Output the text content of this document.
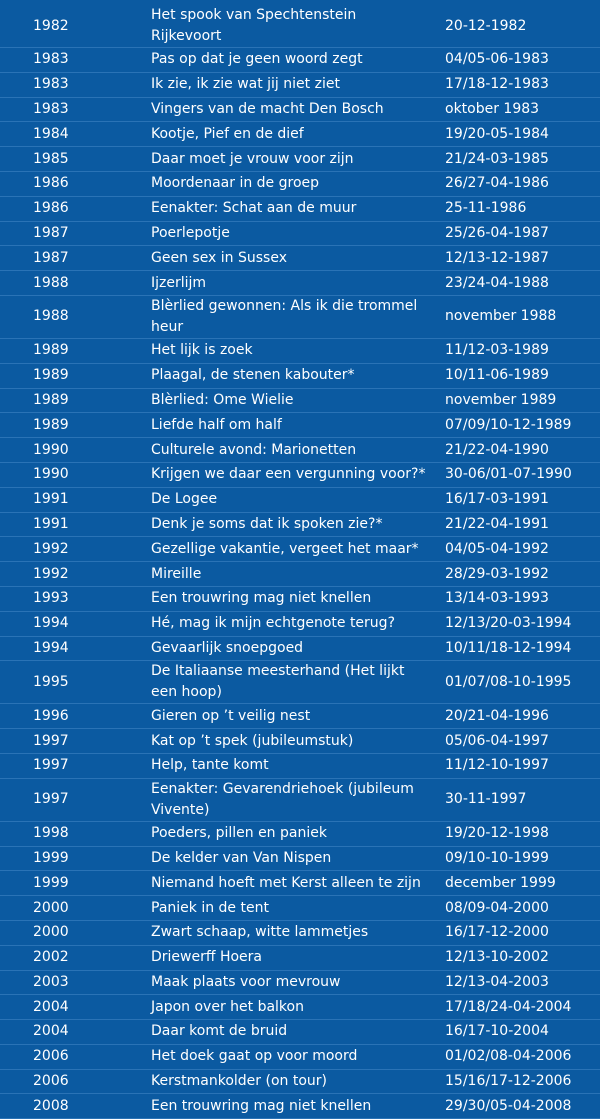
1982	Het spook van Spechtenstein Rijkevoort	20-12-1982
1983	Pas op dat je geen woord zegt	04/05-06-1983
1983	Ik zie, ik zie wat jij niet ziet	17/18-12-1983
1983	Vingers van de macht Den Bosch	oktober 1983
1984	Kootje, Pief en de dief	19/20-05-1984
1985	Daar moet je vrouw voor zijn	21/24-03-1985
1986	Moordenaar in de groep	26/27-04-1986
1986	Eenakter: Schat aan de muur	25-11-1986
1987	Poerlepotje	25/26-04-1987
1987	Geen sex in Sussex	12/13-12-1987
1988	Ijzerlijm	23/24-04-1988
1988	Blèrlied gewonnen: Als ik die trommel heur	november 1988
1989	Het lijk is zoek	11/12-03-1989
1989	Plaagal, de stenen kabouter*	10/11-06-1989
1989	Blèrlied: Ome Wielie	november 1989
1989	Liefde half om half	07/09/10-12-1989
1990	Culturele avond: Marionetten	21/22-04-1990
1990	Krijgen we daar een vergunning voor?*	30-06/01-07-1990
1991	De Logee	16/17-03-1991
1991	Denk je soms dat ik spoken zie?*	21/22-04-1991
1992	Gezellige vakantie, vergeet het maar*	04/05-04-1992
1992	Mireille	28/29-03-1992
1993	Een trouwring mag niet knellen	13/14-03-1993
1994	Hé, mag ik mijn echtgenote terug?	12/13/20-03-1994
1994	Gevaarlijk snoepgoed	10/11/18-12-1994
1995	De Italiaanse meesterhand (Het lijkt een hoop)	01/07/08-10-1995
1996	Gieren op ’t veilig nest	20/21-04-1996
1997	Kat op ’t spek (jubileumstuk)	05/06-04-1997
1997	Help, tante komt	11/12-10-1997
1997	Eenakter: Gevarendriehoek (jubileum Vivente)	30-11-1997
1998	Poeders, pillen en paniek	19/20-12-1998
1999	De kelder van Van Nispen	09/10-10-1999
1999	Niemand hoeft met Kerst alleen te zijn	december 1999
2000	Paniek in de tent	08/09-04-2000
2000	Zwart schaap, witte lammetjes	16/17-12-2000
2002	Driewerff Hoera	12/13-10-2002
2003	Maak plaats voor mevrouw	12/13-04-2003
2004	Japon over het balkon	17/18/24-04-2004
2004	Daar komt de bruid	16/17-10-2004
2006	Het doek gaat op voor moord	01/02/08-04-2006
2006	Kerstmankolder (on tour)	15/16/17-12-2006
2008	Een trouwring mag niet knellen	29/30/05-04-2008
